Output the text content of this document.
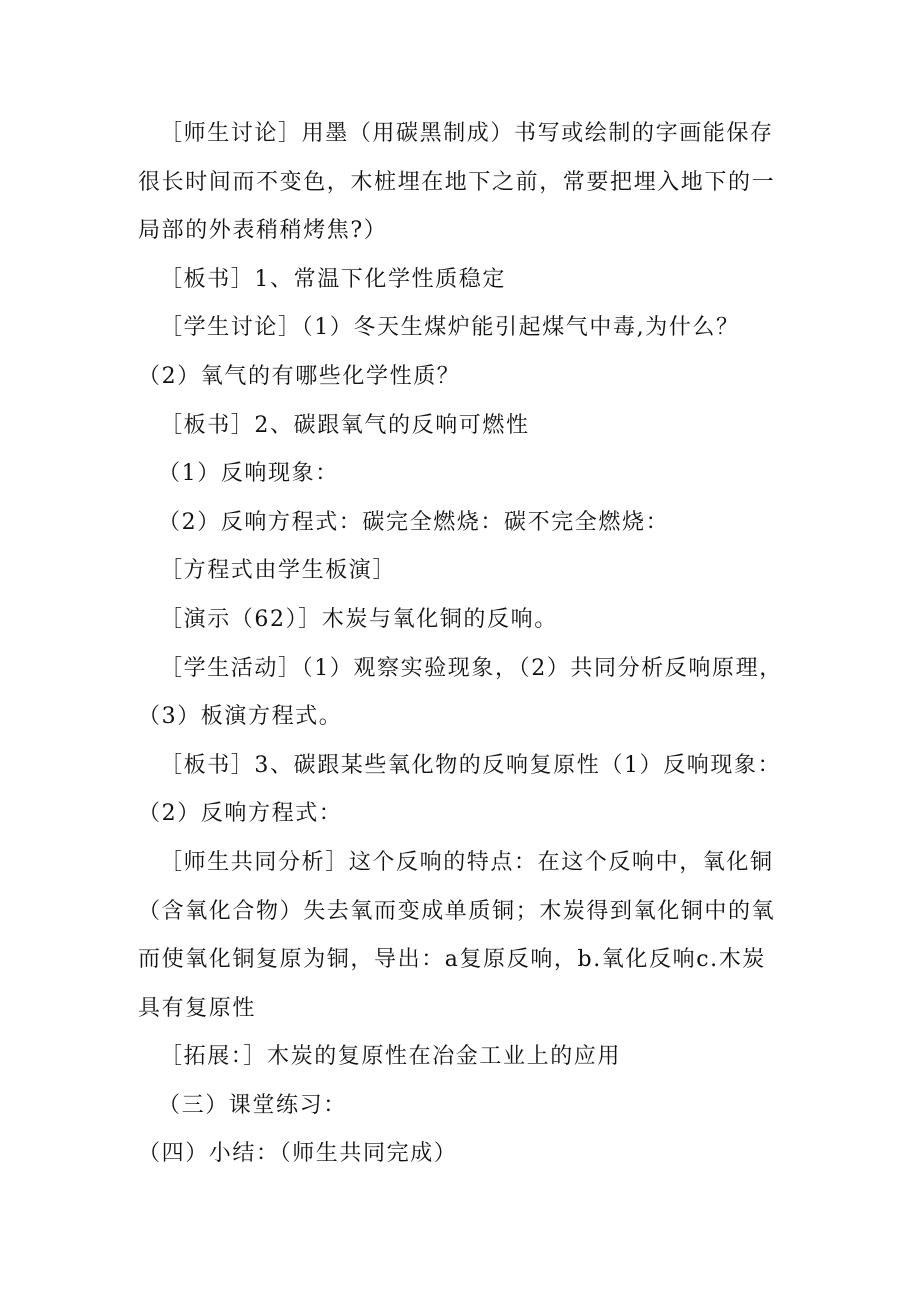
［师生讨论］用墨（用碳黑制成）书写或绘制的字画能保存很长时间而不变色，木桩埋在地下之前，常要把埋入地下的一局部的外表稍稍烤焦?）

［板书］1、常温下化学性质稳定

［学生讨论］（1）冬天生煤炉能引起煤气中毒,为什么？（2）氧气的有哪些化学性质？

［板书］2、碳跟氧气的反响可燃性

（1）反响现象：

（2）反响方程式：碳完全燃烧：碳不完全燃烧：

［方程式由学生板演］

［演示（62）］木炭与氧化铜的反响。

［学生活动］（1）观察实验现象，（2）共同分析反响原理，（3）板演方程式。

［板书］3、碳跟某些氧化物的反响复原性（1）反响现象：（2）反响方程式：

［师生共同分析］这个反响的特点：在这个反响中，氧化铜（含氧化合物）失去氧而变成单质铜；木炭得到氧化铜中的氧而使氧化铜复原为铜，导出：a复原反响，b.氧化反响c.木炭具有复原性

［拓展：］木炭的复原性在冶金工业上的应用

（三）课堂练习：

（四）小结：（师生共同完成）
